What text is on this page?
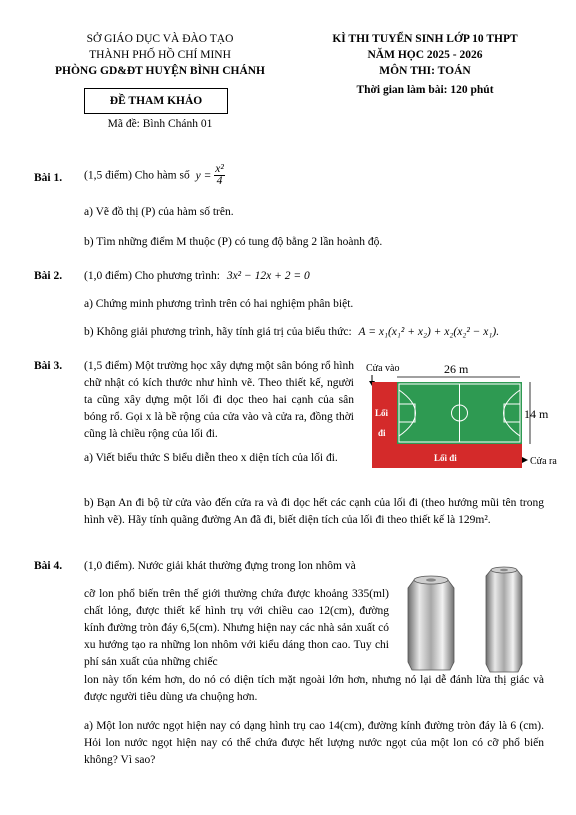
SỞ GIÁO DỤC VÀ ĐÀO TẠO
THÀNH PHỐ HỒ CHÍ MINH
PHÒNG GD&ĐT HUYỆN BÌNH CHÁNH
ĐỀ THAM KHẢO
Mã đề: Bình Chánh 01
KÌ THI TUYỂN SINH LỚP 10 THPT
NĂM HỌC 2025 - 2026
MÔN THI: TOÁN
Thời gian làm bài: 120 phút
Bài 1. (1,5 điểm) Cho hàm số $y = \frac{\text{x²}}{4}$
a) Vẽ đồ thị (P) của hàm số trên.
b) Tìm những điểm M thuộc (P) có tung độ bằng 2 lần hoành độ.
Bài 2. (1,0 điểm) Cho phương trình: 3x² − 12x + 2 = 0
a) Chứng minh phương trình trên có hai nghiệm phân biệt.
b) Không giải phương trình, hãy tính giá trị của biểu thức: A = x₁(x₁² + x₂) + x₂(x₂² − x₁).
Bài 3. (1,5 điểm) Một trường học xây dựng một sân bóng rổ hình chữ nhật có kích thước như hình vẽ. Theo thiết kế, người ta cũng xây dựng một lối đi dọc theo hai cạnh của sân bóng rổ. Gọi x là bề rộng của cửa vào và cửa ra, đồng thời cũng là chiều rộng của lối đi.
a) Viết biểu thức S biểu diễn theo x diện tích của lối đi.
b) Bạn An đi bộ từ cửa vào đến cửa ra và đi dọc hết các cạnh của lối đi (theo hướng mũi tên trong hình vẽ). Hãy tính quãng đường An đã đi, biết diện tích của lối đi theo thiết kế là 129m².
Cửa vào	26 m
Lối
đi
Lối đi
14 m
Cửa ra
Bài 4. (1,0 điểm). Nước giải khát thường đựng trong lon nhôm và
cỡ lon phổ biến trên thế giới thường chứa được khoảng 335(ml) chất lỏng, được thiết kế hình trụ với chiều cao 12(cm), đường kính đường tròn đáy 6,5(cm). Nhưng hiện nay các nhà sản xuất có xu hướng tạo ra những lon nhôm với kiểu dáng thon cao. Tuy chi phí sản xuất của những chiếc
lon này tốn kém hơn, do nó có diện tích mặt ngoài lớn hơn, nhưng nó lại dễ đánh lừa thị giác và được người tiêu dùng ưa chuộng hơn.
a) Một lon nước ngọt hiện nay có dạng hình trụ cao 14(cm), đường kính đường tròn đáy là 6 (cm). Hỏi lon nước ngọt hiện nay có thể chứa được hết lượng nước ngọt của một lon có cỡ phổ biến không? Vì sao?
